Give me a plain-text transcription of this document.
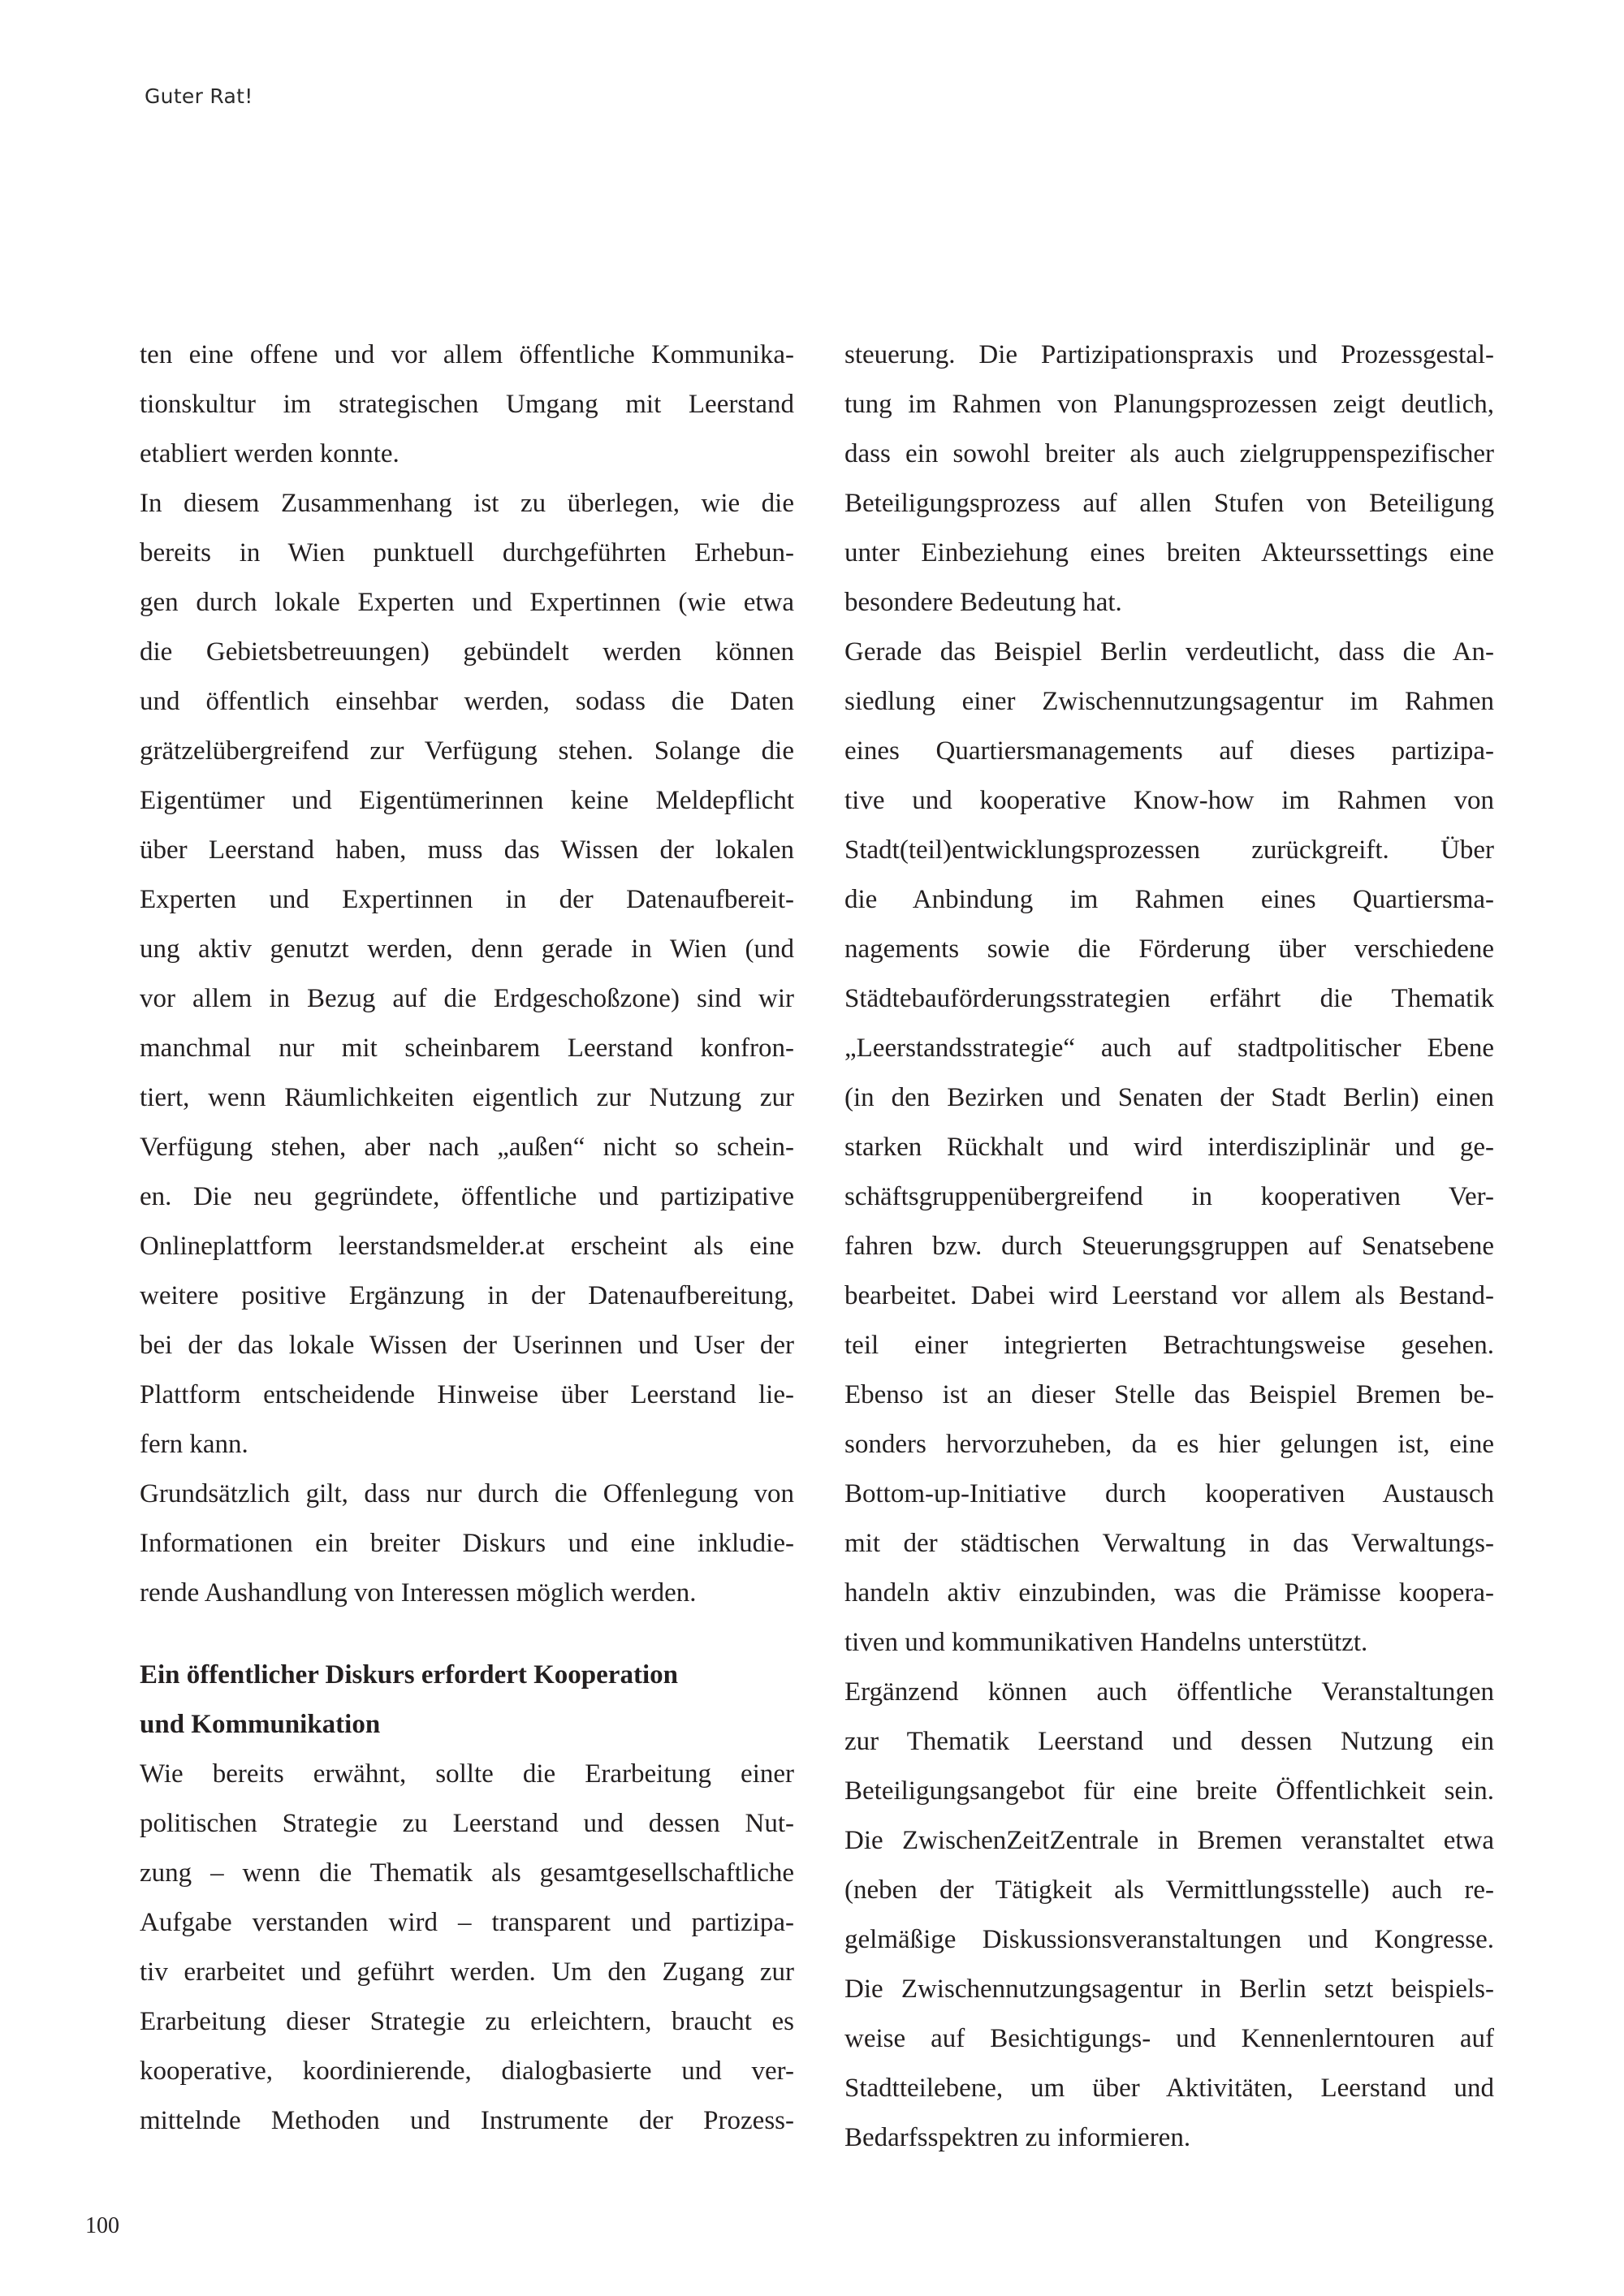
Guter Rat!
ten eine offene und vor allem öffentliche Kommunika-
tionskultur im strategischen Umgang mit Leerstand
etabliert werden konnte.
In diesem Zusammenhang ist zu überlegen, wie die
bereits in Wien punktuell durchgeführten Erhebun-
gen durch lokale Experten und Expertinnen (wie etwa
die Gebietsbetreuungen) gebündelt werden können
und öffentlich einsehbar werden, sodass die Daten
grätzelübergreifend zur Verfügung stehen. Solange die
Eigentümer und Eigentümerinnen keine Meldepflicht
über Leerstand haben, muss das Wissen der lokalen
Experten und Expertinnen in der Datenaufbereit-
ung aktiv genutzt werden, denn gerade in Wien (und
vor allem in Bezug auf die Erdgeschoßzone) sind wir
manchmal nur mit scheinbarem Leerstand konfron-
tiert, wenn Räumlichkeiten eigentlich zur Nutzung zur
Verfügung stehen, aber nach „außen“ nicht so schein-
en. Die neu gegründete, öffentliche und partizipative
Onlineplattform leerstandsmelder.at erscheint als eine
weitere positive Ergänzung in der Datenaufbereitung,
bei der das lokale Wissen der Userinnen und User der
Plattform entscheidende Hinweise über Leerstand lie-
fern kann.
Grundsätzlich gilt, dass nur durch die Offenlegung von
Informationen ein breiter Diskurs und eine inkludie-
rende Aushandlung von Interessen möglich werden.
Ein öffentlicher Diskurs erfordert Kooperation
und Kommunikation
Wie bereits erwähnt, sollte die Erarbeitung einer
politischen Strategie zu Leerstand und dessen Nut-
zung – wenn die Thematik als gesamtgesellschaftliche
Aufgabe verstanden wird – transparent und partizipa-
tiv erarbeitet und geführt werden. Um den Zugang zur
Erarbeitung dieser Strategie zu erleichtern, braucht es
kooperative, koordinierende, dialogbasierte und ver-
mittelnde Methoden und Instrumente der Prozess-
steuerung. Die Partizipationspraxis und Prozessgestal-
tung im Rahmen von Planungsprozessen zeigt deutlich,
dass ein sowohl breiter als auch zielgruppenspezifischer
Beteiligungsprozess auf allen Stufen von Beteiligung
unter Einbeziehung eines breiten Akteurssettings eine
besondere Bedeutung hat.
Gerade das Beispiel Berlin verdeutlicht, dass die An-
siedlung einer Zwischennutzungsagentur im Rahmen
eines Quartiersmanagements auf dieses partizipa-
tive und kooperative Know-how im Rahmen von
Stadt(teil)entwicklungsprozessen zurückgreift. Über
die Anbindung im Rahmen eines Quartiersma-
nagements sowie die Förderung über verschiedene
Städtebauförderungsstrategien erfährt die Thematik
„Leerstandsstrategie“ auch auf stadtpolitischer Ebene
(in den Bezirken und Senaten der Stadt Berlin) einen
starken Rückhalt und wird interdisziplinär und ge-
schäftsgruppenübergreifend in kooperativen Ver-
fahren bzw. durch Steuerungsgruppen auf Senatsebene
bearbeitet. Dabei wird Leerstand vor allem als Bestand-
teil einer integrierten Betrachtungsweise gesehen.
Ebenso ist an dieser Stelle das Beispiel Bremen be-
sonders hervorzuheben, da es hier gelungen ist, eine
Bottom-up-Initiative durch kooperativen Austausch
mit der städtischen Verwaltung in das Verwaltungs-
handeln aktiv einzubinden, was die Prämisse koopera-
tiven und kommunikativen Handelns unterstützt.
Ergänzend können auch öffentliche Veranstaltungen
zur Thematik Leerstand und dessen Nutzung ein
Beteiligungsangebot für eine breite Öffentlichkeit sein.
Die ZwischenZeitZentrale in Bremen veranstaltet etwa
(neben der Tätigkeit als Vermittlungsstelle) auch re-
gelmäßige Diskussionsveranstaltungen und Kongresse.
Die Zwischennutzungsagentur in Berlin setzt beispiels-
weise auf Besichtigungs- und Kennenlerntouren auf
Stadtteilebene, um über Aktivitäten, Leerstand und
Bedarfsspektren zu informieren.
100
